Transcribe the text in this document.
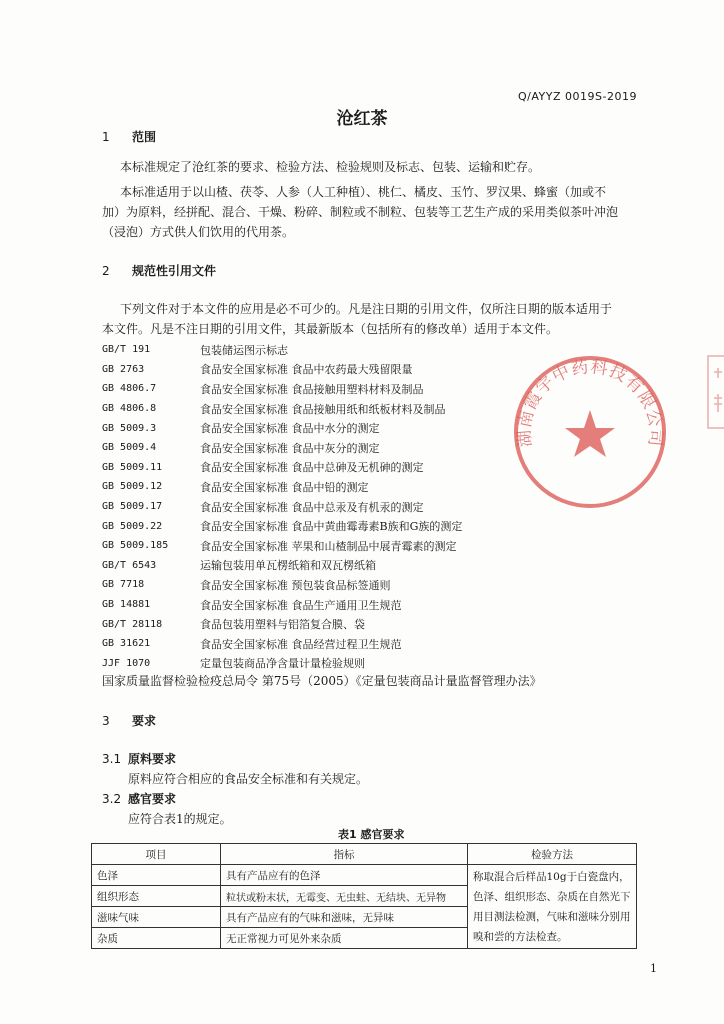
Q/AYYZ 0019S-2019
沧红茶
1 范围
本标准规定了沧红茶的要求、检验方法、检验规则及标志、包装、运输和贮存。
本标准适用于以山楂、茯苓、人参（人工种植）、桃仁、橘皮、玉竹、罗汉果、蜂蜜（加或不
加）为原料，经拼配、混合、干燥、粉碎、制粒或不制粒、包装等工艺生产成的采用类似茶叶冲泡
（浸泡）方式供人们饮用的代用茶。
2 规范性引用文件
下列文件对于本文件的应用是必不可少的。凡是注日期的引用文件，仅所注日期的版本适用于
本文件。凡是不注日期的引用文件，其最新版本（包括所有的修改单）适用于本文件。
GB/T 191	包装储运图示标志
GB 2763	食品安全国家标准 食品中农药最大残留限量
GB 4806.7	食品安全国家标准 食品接触用塑料材料及制品
GB 4806.8	食品安全国家标准 食品接触用纸和纸板材料及制品
GB 5009.3	食品安全国家标准 食品中水分的测定
GB 5009.4	食品安全国家标准 食品中灰分的测定
GB 5009.11	食品安全国家标准 食品中总砷及无机砷的测定
GB 5009.12	食品安全国家标准 食品中铅的测定
GB 5009.17	食品安全国家标准 食品中总汞及有机汞的测定
GB 5009.22	食品安全国家标准 食品中黄曲霉毒素B族和G族的测定
GB 5009.185	食品安全国家标准 苹果和山楂制品中展青霉素的测定
GB/T 6543	运输包装用单瓦楞纸箱和双瓦楞纸箱
GB 7718	食品安全国家标准 预包装食品标签通则
GB 14881	食品安全国家标准 食品生产通用卫生规范
GB/T 28118	食品包装用塑料与铝箔复合膜、袋
GB 31621	食品安全国家标准 食品经营过程卫生规范
JJF 1070	定量包装商品净含量计量检验规则
国家质量监督检验检疫总局令 第75号（2005）《定量包装商品计量监督管理办法》
3 要求
3.1 原料要求
原料应符合相应的食品安全标准和有关规定。
3.2 感官要求
应符合表1的规定。
表1 感官要求
项目	指标	检验方法
色泽	具有产品应有的色泽	称取混合后样品10g于白瓷盘内，色泽、组织形态、杂质在自然光下用目测法检测，气味和滋味分别用嗅和尝的方法检查。
组织形态	粒状或粉末状，无霉变、无虫蛀、无结块、无异物	
滋味气味	具有产品应有的气味和滋味，无异味	
杂质	无正常视力可见外来杂质	
1
湖南霞宇中药科技有限公司
